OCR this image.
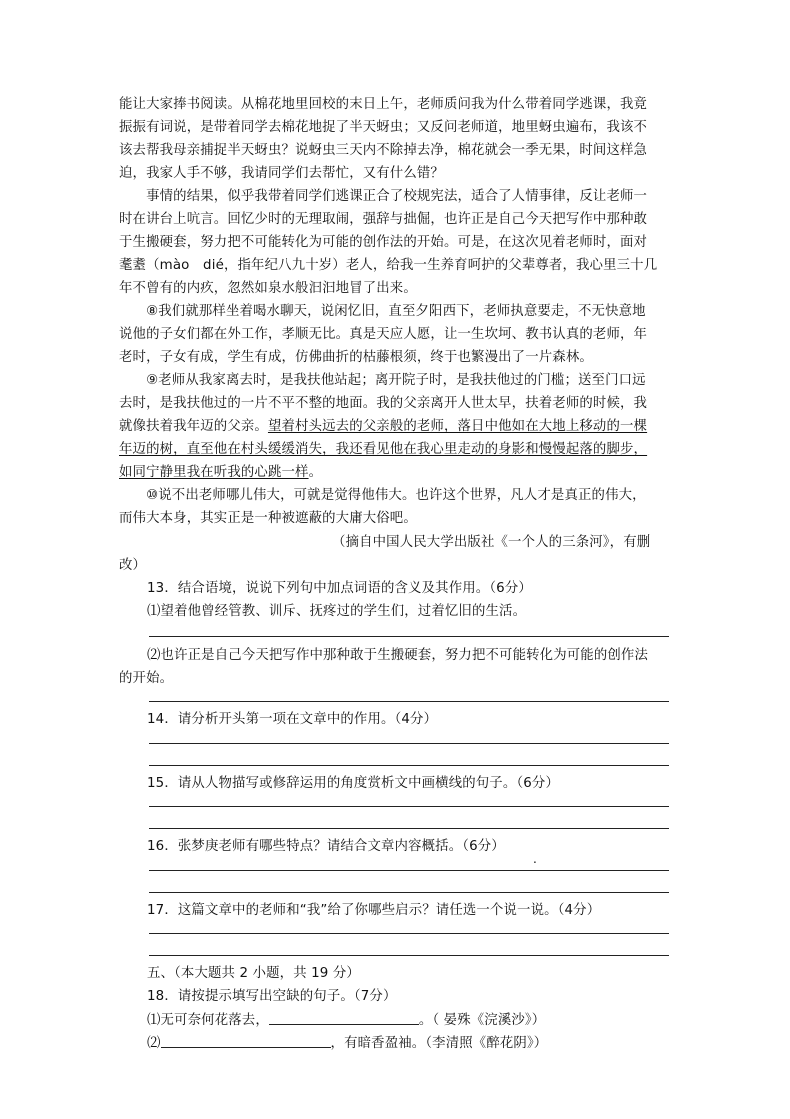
能让大家捧书阅读。从棉花地里回校的末日上午，老师质问我为什么带着同学逃课，我竟
振振有词说，是带着同学去棉花地捉了半天蚜虫；又反问老师道，地里蚜虫遍布，我该不
该去帮我母亲捕捉半天蚜虫？说蚜虫三天内不除掉去净，棉花就会一季无果，时间这样急
迫，我家人手不够，我请同学们去帮忙，又有什么错？
　　事情的结果，似乎我带着同学们逃课正合了校规宪法，适合了人情事律，反让老师一
时在讲台上吭言。回忆少时的无理取闹，强辞与拙倔，也许正是自己今天把写作中那种敢
于生搬硬套，努力把不可能转化为可能的创作法的开始。可是，在这次见着老师时，面对
耄耋（mào　dié，指年纪八九十岁）老人，给我一生养育呵护的父辈尊者，我心里三十几
年不曾有的内疚，忽然如泉水般汩汩地冒了出来。
　　⑧我们就那样坐着喝水聊天，说闲忆旧，直至夕阳西下，老师执意要走，不无快意地
说他的子女们都在外工作，孝顺无比。真是天应人愿，让一生坎坷、教书认真的老师，年
老时，子女有成，学生有成，仿佛曲折的枯藤根须，终于也繁漫出了一片森林。
　　⑨老师从我家离去时，是我扶他站起；离开院子时，是我扶他过的门槛；送至门口远
去时，是我扶他过的一片不平不整的地面。我的父亲离开人世太早，扶着老师的时候，我
就像扶着我年迈的父亲。望着村头远去的父亲般的老师，落日中他如在大地上移动的一棵
年迈的树，直至他在村头缓缓消失，我还看见他在我心里走动的身影和慢慢起落的脚步，
如同宁静里我在听我的心跳一样。
　　⑩说不出老师哪儿伟大，可就是觉得他伟大。也许这个世界，凡人才是真正的伟大，
而伟大本身，其实正是一种被遮蔽的大庸大俗吧。
（摘自中国人民大学出版社《一个人的三条河》，有删
改）
13．结合语境，说说下列句中加点词语的含义及其作用。（6分）
⑴望着他曾经管教、训斥、抚疼过的学生们，过着忆旧的生活。
⑵也许正是自己今天把写作中那种敢于生搬硬套，努力把不可能转化为可能的创作法
的开始。
14．请分析开头第一项在文章中的作用。（4分）
15．请从人物描写或修辞运用的角度赏析文中画横线的句子。（6分）
16．张梦庚老师有哪些特点？请结合文章内容概括。（6分）
.
17．这篇文章中的老师和“我”给了你哪些启示？请任选一个说一说。（4分）
五、（本大题共 2 小题，共 19 分）
18．请按提示填写出空缺的句子。（7分）
⑴无可奈何花落去，	。（ 晏殊《浣溪沙》）
⑵	，有暗香盈袖。（李清照《醉花阴》）
